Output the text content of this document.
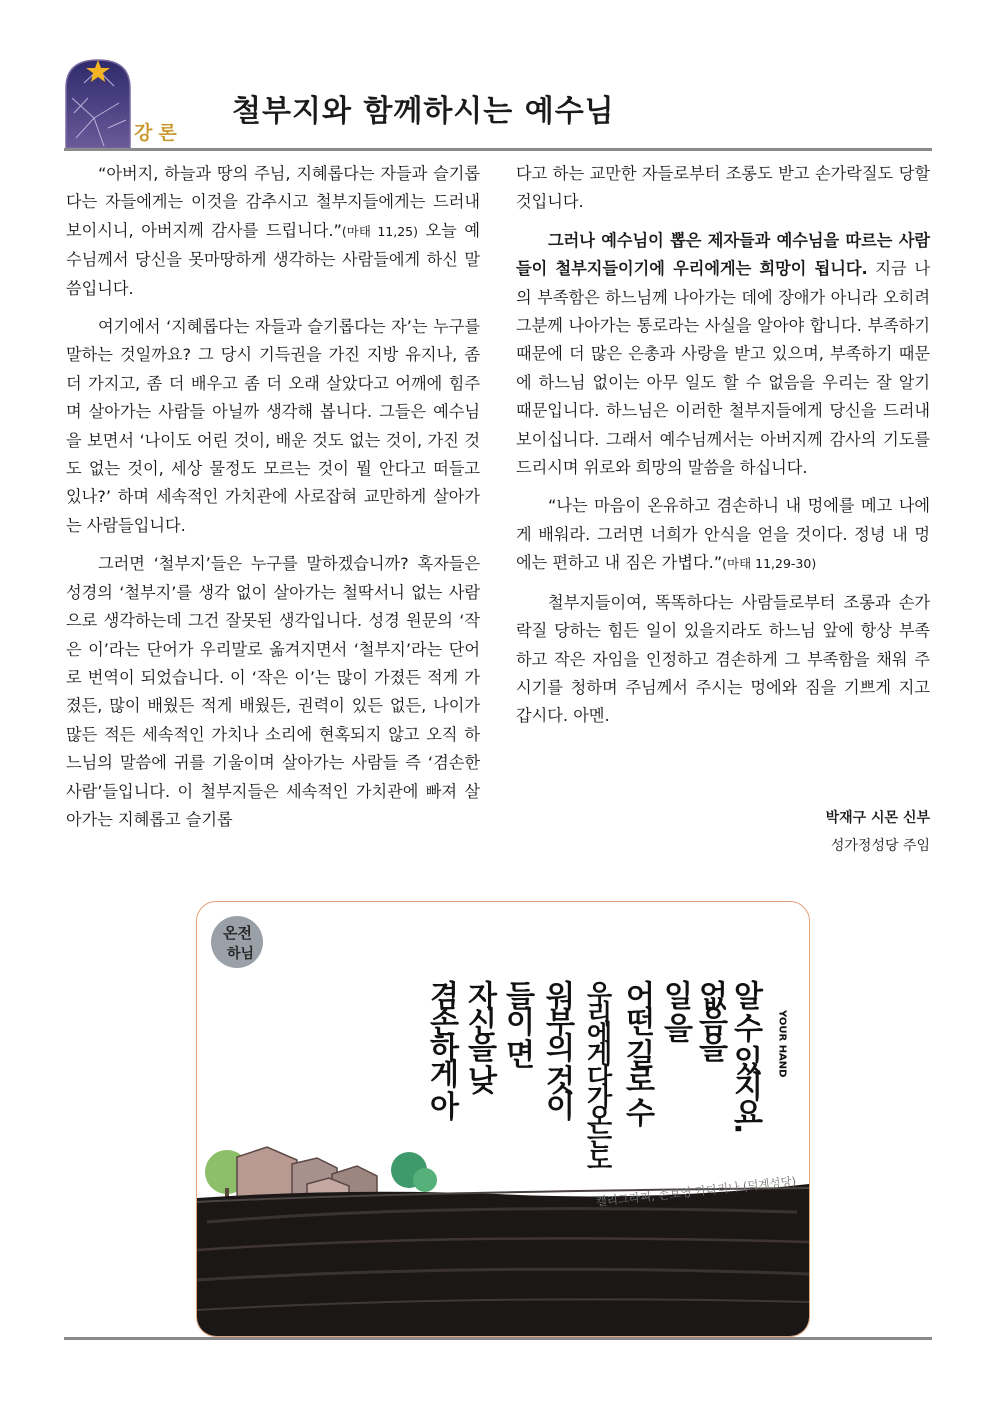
강론
철부지와 함께하시는 예수님

“아버지, 하늘과 땅의 주님, 지혜롭다는 자들과 슬기롭다는 자들에게는 이것을 감추시고 철부지들에게는 드러내 보이시니, 아버지께 감사를 드립니다.”(마태 11,25) 오늘 예수님께서 당신을 못마땅하게 생각하는 사람들에게 하신 말씀입니다.

여기에서 ‘지혜롭다는 자들과 슬기롭다는 자’는 누구를 말하는 것일까요? 그 당시 기득권을 가진 지방 유지나, 좀 더 가지고, 좀 더 배우고 좀 더 오래 살았다고 어깨에 힘주며 살아가는 사람들 아닐까 생각해 봅니다. 그들은 예수님을 보면서 ‘나이도 어린 것이, 배운 것도 없는 것이, 가진 것도 없는 것이, 세상 물정도 모르는 것이 뭘 안다고 떠들고 있나?’ 하며 세속적인 가치관에 사로잡혀 교만하게 살아가는 사람들입니다.

그러면 ‘철부지’들은 누구를 말하겠습니까? 혹자들은 성경의 ‘철부지’를 생각 없이 살아가는 철딱서니 없는 사람으로 생각하는데 그건 잘못된 생각입니다. 성경 원문의 ‘작은 이’라는 단어가 우리말로 옮겨지면서 ‘철부지’라는 단어로 번역이 되었습니다. 이 ‘작은 이’는 많이 가졌든 적게 가졌든, 많이 배웠든 적게 배웠든, 권력이 있든 없든, 나이가 많든 적든 세속적인 가치나 소리에 현혹되지 않고 오직 하느님의 말씀에 귀를 기울이며 살아가는 사람들 즉 ‘겸손한 사람’들입니다. 이 철부지들은 세속적인 가치관에 빠져 살아가는 지혜롭고 슬기롭

다고 하는 교만한 자들로부터 조롱도 받고 손가락질도 당할 것입니다.

그러나 예수님이 뽑은 제자들과 예수님을 따르는 사람들이 철부지들이기에 우리에게는 희망이 됩니다. 지금 나의 부족함은 하느님께 나아가는 데에 장애가 아니라 오히려 그분께 나아가는 통로라는 사실을 알아야 합니다. 부족하기 때문에 더 많은 은총과 사랑을 받고 있으며, 부족하기 때문에 하느님 없이는 아무 일도 할 수 없음을 우리는 잘 알기 때문입니다. 하느님은 이러한 철부지들에게 당신을 드러내 보이십니다. 그래서 예수님께서는 아버지께 감사의 기도를 드리시며 위로와 희망의 말씀을 하십니다.

“나는 마음이 온유하고 겸손하니 내 멍에를 메고 나에게 배워라. 그러면 너희가 안식을 얻을 것이다. 정녕 내 멍에는 편하고 내 짐은 가볍다.”(마태 11,29-30)

철부지들이여, 똑똑하다는 사람들로부터 조롱과 손가락질 당하는 힘든 일이 있을지라도 하느님 앞에 항상 부족하고 작은 자임을 인정하고 겸손하게 그 부족함을 채워 주시기를 청하며 주님께서 주시는 멍에와 짐을 기쁘게 지고 갑시다. 아멘.

박재구 시몬 신부
성가정성당 주임
온전
하님
알 수 있지요.
없음을
일 을
어떤 길로 수
우리에게 다가오는 도
워부의 것이
들이 면
자신을 낮
겸손하게 아	YOUR HAND
캘리그라피, 손보영 카타리나 (덕계성당)
